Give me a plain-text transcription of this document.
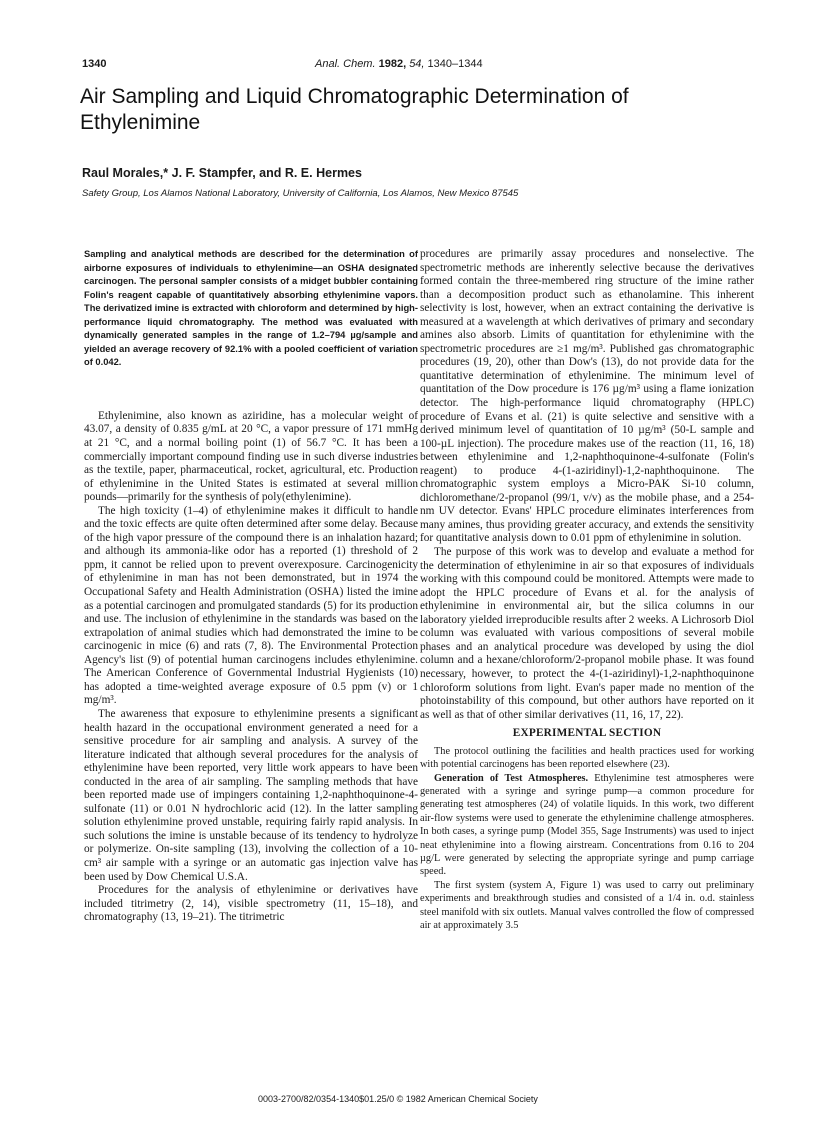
1340	Anal. Chem. 1982, 54, 1340–1344
Air Sampling and Liquid Chromatographic Determination of Ethylenimine
Raul Morales,* J. F. Stampfer, and R. E. Hermes
Safety Group, Los Alamos National Laboratory, University of California, Los Alamos, New Mexico 87545

Sampling and analytical methods are described for the determination of airborne exposures of individuals to ethylenimine—an OSHA designated carcinogen. The personal sampler consists of a midget bubbler containing Folin's reagent capable of quantitatively absorbing ethylenimine vapors. The derivatized imine is extracted with chloroform and determined by high-performance liquid chromatography. The method was evaluated with dynamically generated samples in the range of 1.2–794 µg/sample and yielded an average recovery of 92.1% with a pooled coefficient of variation of 0.042.

Ethylenimine, also known as aziridine, has a molecular weight of 43.07, a density of 0.835 g/mL at 20 °C, a vapor pressure of 171 mmHg at 21 °C, and a normal boiling point (1) of 56.7 °C. It has been a commercially important compound finding use in such diverse industries as the textile, paper, pharmaceutical, rocket, agricultural, etc. Production of ethylenimine in the United States is estimated at several million pounds—primarily for the synthesis of poly(ethylenimine).

The high toxicity (1–4) of ethylenimine makes it difficult to handle and the toxic effects are quite often determined after some delay. Because of the high vapor pressure of the compound there is an inhalation hazard; and although its ammonia-like odor has a reported (1) threshold of 2 ppm, it cannot be relied upon to prevent overexposure. Carcinogenicity of ethylenimine in man has not been demonstrated, but in 1974 the Occupational Safety and Health Administration (OSHA) listed the imine as a potential carcinogen and promulgated standards (5) for its production and use. The inclusion of ethylenimine in the standards was based on the extrapolation of animal studies which had demonstrated the imine to be carcinogenic in mice (6) and rats (7, 8). The Environmental Protection Agency's list (9) of potential human carcinogens includes ethylenimine. The American Conference of Governmental Industrial Hygienists (10) has adopted a time-weighted average exposure of 0.5 ppm (v) or 1 mg/m³.

The awareness that exposure to ethylenimine presents a significant health hazard in the occupational environment generated a need for a sensitive procedure for air sampling and analysis. A survey of the literature indicated that although several procedures for the analysis of ethylenimine have been reported, very little work appears to have been conducted in the area of air sampling. The sampling methods that have been reported made use of impingers containing 1,2-naphthoquinone-4-sulfonate (11) or 0.01 N hydrochloric acid (12). In the latter sampling solution ethylenimine proved unstable, requiring fairly rapid analysis. In such solutions the imine is unstable because of its tendency to hydrolyze or polymerize. On-site sampling (13), involving the collection of a 10-cm³ air sample with a syringe or an automatic gas injection valve has been used by Dow Chemical U.S.A.

Procedures for the analysis of ethylenimine or derivatives have included titrimetry (2, 14), visible spectrometry (11, 15–18), and chromatography (13, 19–21). The titrimetric

procedures are primarily assay procedures and nonselective. The spectrometric methods are inherently selective because the derivatives formed contain the three-membered ring structure of the imine rather than a decomposition product such as ethanolamine. This inherent selectivity is lost, however, when an extract containing the derivative is measured at a wavelength at which derivatives of primary and secondary amines also absorb. Limits of quantitation for ethylenimine with the spectrometric procedures are ≥1 mg/m³. Published gas chromatographic procedures (19, 20), other than Dow's (13), do not provide data for the quantitative determination of ethylenimine. The minimum level of quantitation of the Dow procedure is 176 µg/m³ using a flame ionization detector. The high-performance liquid chromatography (HPLC) procedure of Evans et al. (21) is quite selective and sensitive with a derived minimum level of quantitation of 10 µg/m³ (50-L sample and 100-µL injection). The procedure makes use of the reaction (11, 16, 18) between ethylenimine and 1,2-naphthoquinone-4-sulfonate (Folin's reagent) to produce 4-(1-aziridinyl)-1,2-naphthoquinone. The chromatographic system employs a Micro-PAK Si-10 column, dichloromethane/2-propanol (99/1, v/v) as the mobile phase, and a 254-nm UV detector. Evans' HPLC procedure eliminates interferences from many amines, thus providing greater accuracy, and extends the sensitivity for quantitative analysis down to 0.01 ppm of ethylenimine in solution.

The purpose of this work was to develop and evaluate a method for the determination of ethylenimine in air so that exposures of individuals working with this compound could be monitored. Attempts were made to adopt the HPLC procedure of Evans et al. for the analysis of ethylenimine in environmental air, but the silica columns in our laboratory yielded irreproducible results after 2 weeks. A Lichrosorb Diol column was evaluated with various compositions of several mobile phases and an analytical procedure was developed by using the diol column and a hexane/chloroform/2-propanol mobile phase. It was found necessary, however, to protect the 4-(1-aziridinyl)-1,2-naphthoquinone chloroform solutions from light. Evan's paper made no mention of the photoinstability of this compound, but other authors have reported on it as well as that of other similar derivatives (11, 16, 17, 22).

EXPERIMENTAL SECTION

The protocol outlining the facilities and health practices used for working with potential carcinogens has been reported elsewhere (23).

Generation of Test Atmospheres. Ethylenimine test atmospheres were generated with a syringe and syringe pump—a common procedure for generating test atmospheres (24) of volatile liquids. In this work, two different air-flow systems were used to generate the ethylenimine challenge atmospheres. In both cases, a syringe pump (Model 355, Sage Instruments) was used to inject neat ethylenimine into a flowing airstream. Concentrations from 0.16 to 204 µg/L were generated by selecting the appropriate syringe and pump carriage speed.

The first system (system A, Figure 1) was used to carry out preliminary experiments and breakthrough studies and consisted of a 1/4 in. o.d. stainless steel manifold with six outlets. Manual valves controlled the flow of compressed air at approximately 3.5

0003-2700/82/0354-1340$01.25/0 © 1982 American Chemical Society
